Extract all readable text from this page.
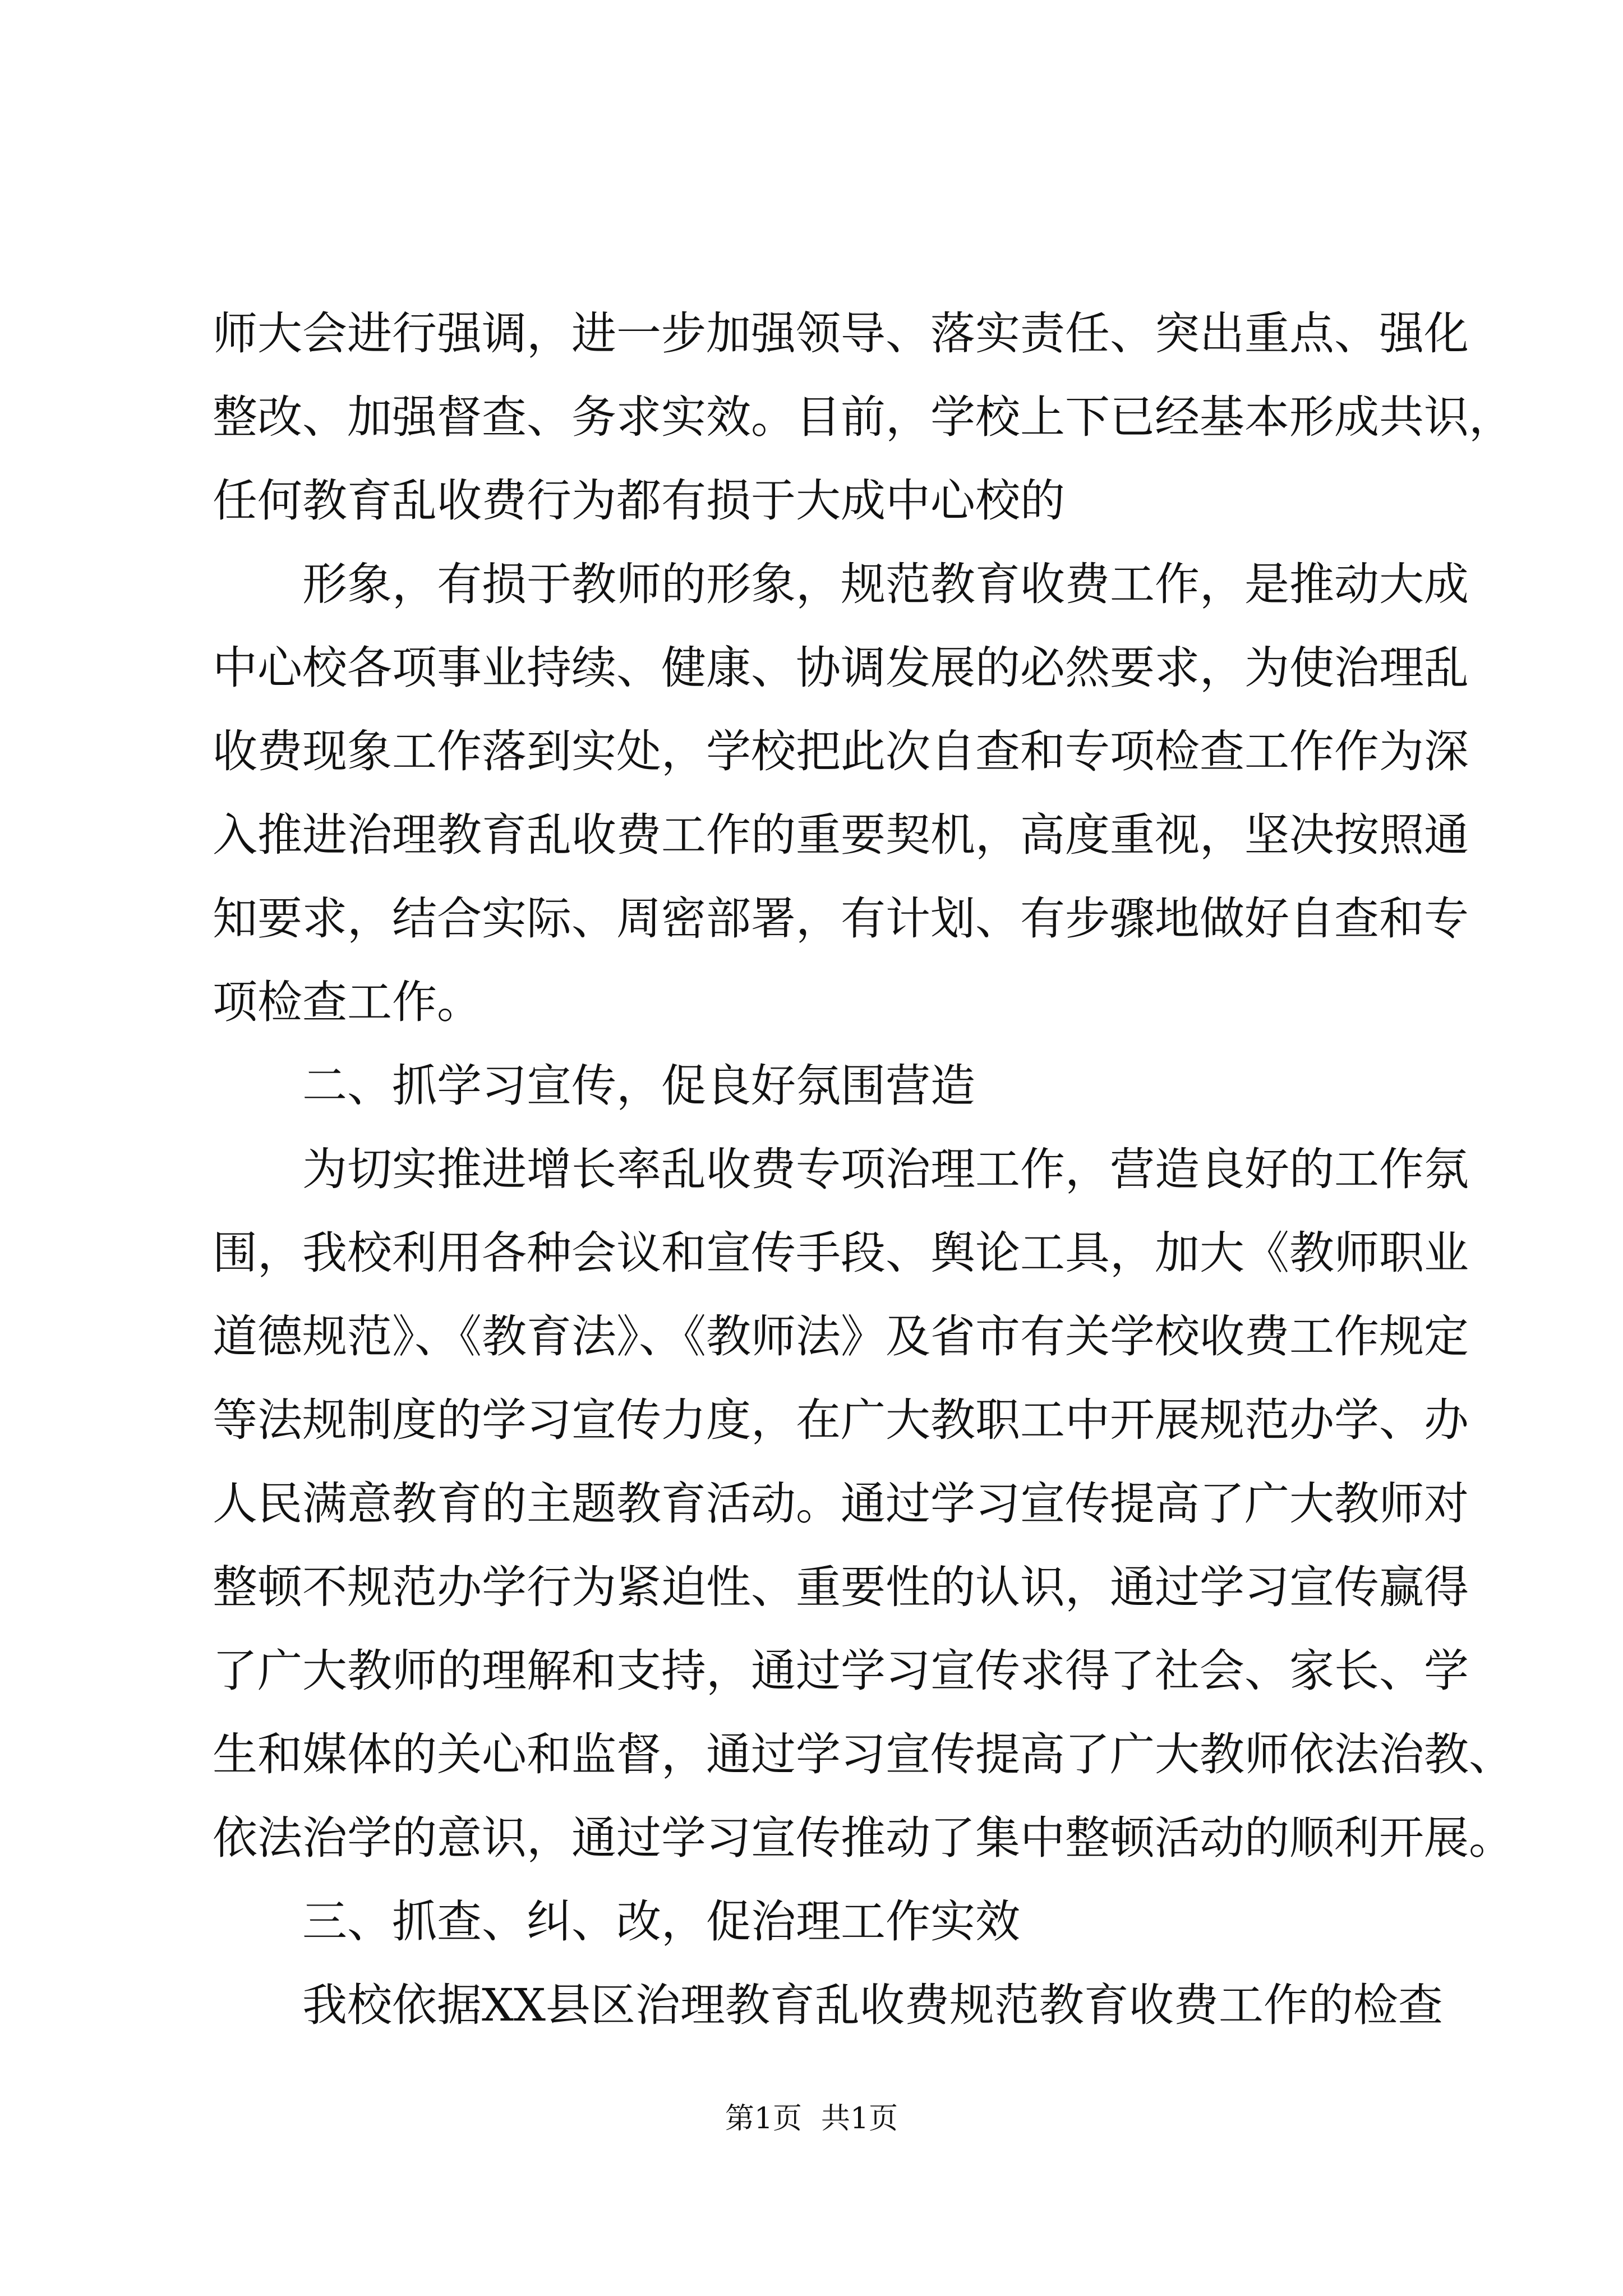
师大会进行强调，进一步加强领导、落实责任、突出重点、强化
整改、加强督查、务求实效。目前，学校上下已经基本形成共识，
任何教育乱收费行为都有损于大成中心校的
形象，有损于教师的形象，规范教育收费工作，是推动大成
中心校各项事业持续、健康、协调发展的必然要求，为使治理乱
收费现象工作落到实处，学校把此次自查和专项检查工作作为深
入推进治理教育乱收费工作的重要契机，高度重视，坚决按照通
知要求，结合实际、周密部署，有计划、有步骤地做好自查和专
项检查工作。
二、抓学习宣传，促良好氛围营造
为切实推进增长率乱收费专项治理工作，营造良好的工作氛
围，我校利用各种会议和宣传手段、舆论工具，加大《教师职业
道德规范》、《教育法》、《教师法》及省市有关学校收费工作规定
等法规制度的学习宣传力度，在广大教职工中开展规范办学、办
人民满意教育的主题教育活动。通过学习宣传提高了广大教师对
整顿不规范办学行为紧迫性、重要性的认识，通过学习宣传赢得
了广大教师的理解和支持，通过学习宣传求得了社会、家长、学
生和媒体的关心和监督，通过学习宣传提高了广大教师依法治教、
依法治学的意识，通过学习宣传推动了集中整顿活动的顺利开展。
三、抓查、纠、改，促治理工作实效
我校依据XX县区治理教育乱收费规范教育收费工作的检查
第1页 共1页
